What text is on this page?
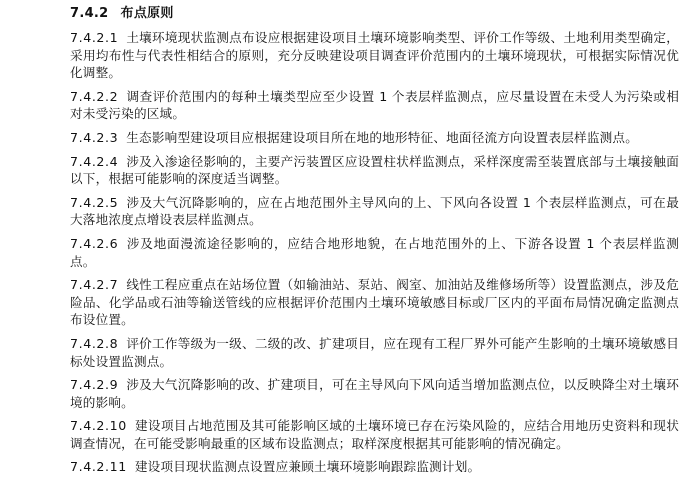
7.4.2 布点原则

7.4.2.1 土壤环境现状监测点布设应根据建设项目土壤环境影响类型、评价工作等级、土地利用类型确定，采用均布性与代表性相结合的原则，充分反映建设项目调查评价范围内的土壤环境现状，可根据实际情况优化调整。

7.4.2.2 调查评价范围内的每种土壤类型应至少设置 1 个表层样监测点，应尽量设置在未受人为污染或相对未受污染的区域。

7.4.2.3 生态影响型建设项目应根据建设项目所在地的地形特征、地面径流方向设置表层样监测点。

7.4.2.4 涉及入渗途径影响的，主要产污装置区应设置柱状样监测点，采样深度需至装置底部与土壤接触面以下，根据可能影响的深度适当调整。

7.4.2.5 涉及大气沉降影响的，应在占地范围外主导风向的上、下风向各设置 1 个表层样监测点，可在最大落地浓度点增设表层样监测点。

7.4.2.6 涉及地面漫流途径影响的，应结合地形地貌，在占地范围外的上、下游各设置 1 个表层样监测点。

7.4.2.7 线性工程应重点在站场位置（如输油站、泵站、阀室、加油站及维修场所等）设置监测点，涉及危险品、化学品或石油等输送管线的应根据评价范围内土壤环境敏感目标或厂区内的平面布局情况确定监测点布设位置。

7.4.2.8 评价工作等级为一级、二级的改、扩建项目，应在现有工程厂界外可能产生影响的土壤环境敏感目标处设置监测点。

7.4.2.9 涉及大气沉降影响的改、扩建项目，可在主导风向下风向适当增加监测点位，以反映降尘对土壤环境的影响。

7.4.2.10 建设项目占地范围及其可能影响区域的土壤环境已存在污染风险的，应结合用地历史资料和现状调查情况，在可能受影响最重的区域布设监测点；取样深度根据其可能影响的情况确定。

7.4.2.11 建设项目现状监测点设置应兼顾土壤环境影响跟踪监测计划。
